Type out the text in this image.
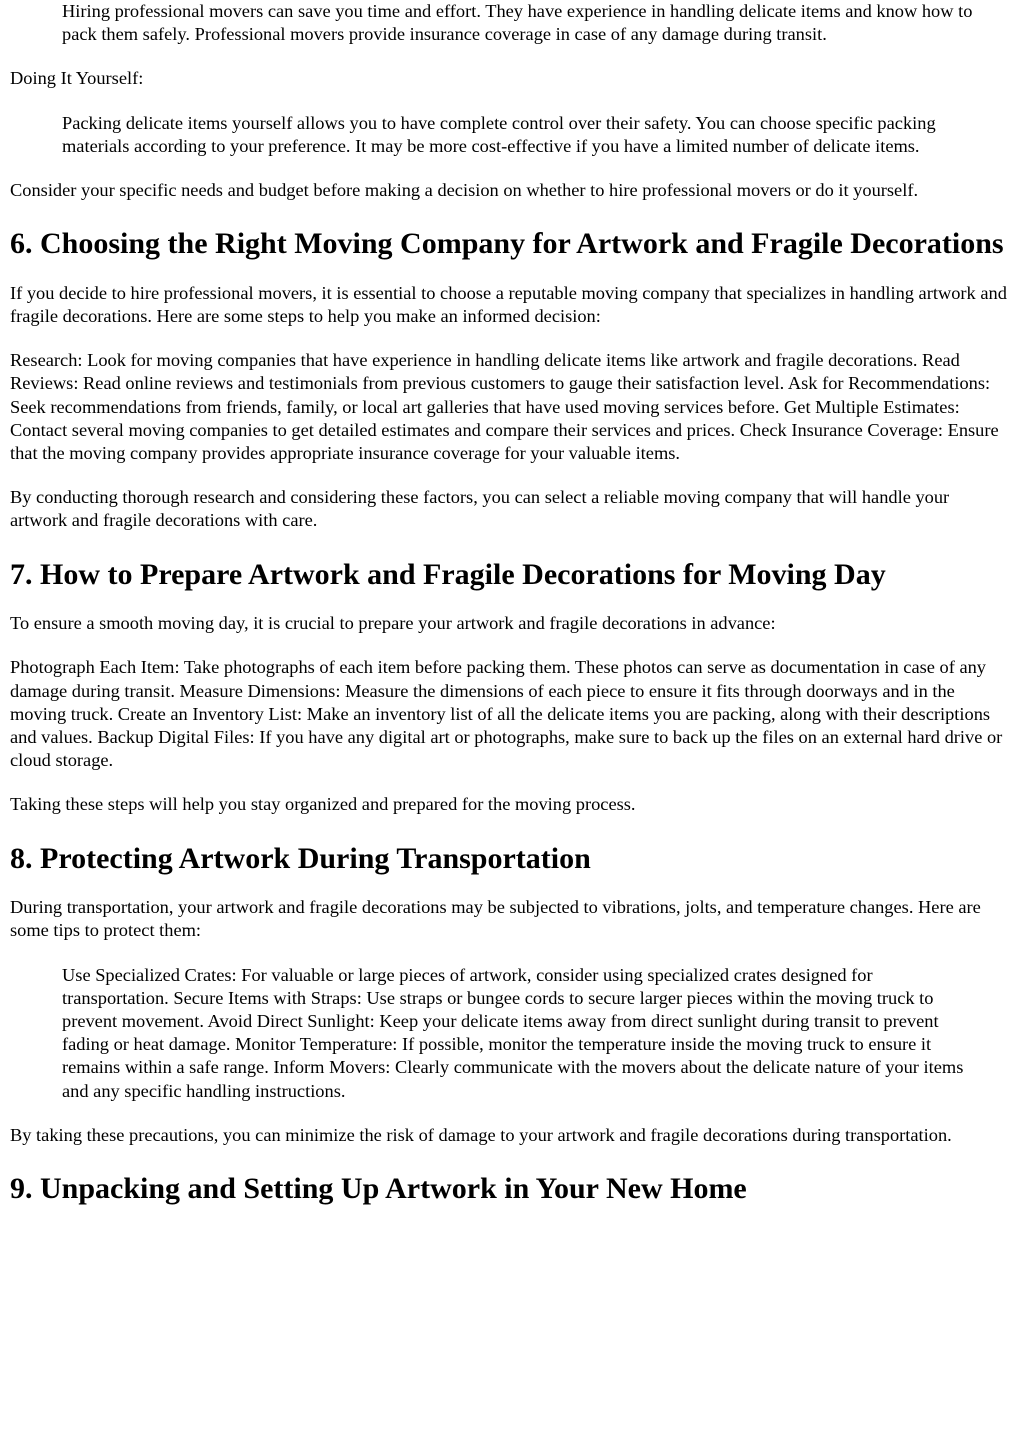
Hiring professional movers can save you time and effort. They have experience in handling delicate items and know how to pack them safely. Professional movers provide insurance coverage in case of any damage during transit.

Doing It Yourself:

Packing delicate items yourself allows you to have complete control over their safety. You can choose specific packing materials according to your preference. It may be more cost-effective if you have a limited number of delicate items.

Consider your specific needs and budget before making a decision on whether to hire professional movers or do it yourself.

6. Choosing the Right Moving Company for Artwork and Fragile Decorations

If you decide to hire professional movers, it is essential to choose a reputable moving company that specializes in handling artwork and fragile decorations. Here are some steps to help you make an informed decision:

Research: Look for moving companies that have experience in handling delicate items like artwork and fragile decorations. Read Reviews: Read online reviews and testimonials from previous customers to gauge their satisfaction level. Ask for Recommendations: Seek recommendations from friends, family, or local art galleries that have used moving services before. Get Multiple Estimates: Contact several moving companies to get detailed estimates and compare their services and prices. Check Insurance Coverage: Ensure that the moving company provides appropriate insurance coverage for your valuable items.

By conducting thorough research and considering these factors, you can select a reliable moving company that will handle your artwork and fragile decorations with care.

7. How to Prepare Artwork and Fragile Decorations for Moving Day

To ensure a smooth moving day, it is crucial to prepare your artwork and fragile decorations in advance:

Photograph Each Item: Take photographs of each item before packing them. These photos can serve as documentation in case of any damage during transit. Measure Dimensions: Measure the dimensions of each piece to ensure it fits through doorways and in the moving truck. Create an Inventory List: Make an inventory list of all the delicate items you are packing, along with their descriptions and values. Backup Digital Files: If you have any digital art or photographs, make sure to back up the files on an external hard drive or cloud storage.

Taking these steps will help you stay organized and prepared for the moving process.

8. Protecting Artwork During Transportation

During transportation, your artwork and fragile decorations may be subjected to vibrations, jolts, and temperature changes. Here are some tips to protect them:

Use Specialized Crates: For valuable or large pieces of artwork, consider using specialized crates designed for transportation. Secure Items with Straps: Use straps or bungee cords to secure larger pieces within the moving truck to prevent movement. Avoid Direct Sunlight: Keep your delicate items away from direct sunlight during transit to prevent fading or heat damage. Monitor Temperature: If possible, monitor the temperature inside the moving truck to ensure it remains within a safe range. Inform Movers: Clearly communicate with the movers about the delicate nature of your items and any specific handling instructions.

By taking these precautions, you can minimize the risk of damage to your artwork and fragile decorations during transportation.

9. Unpacking and Setting Up Artwork in Your New Home
